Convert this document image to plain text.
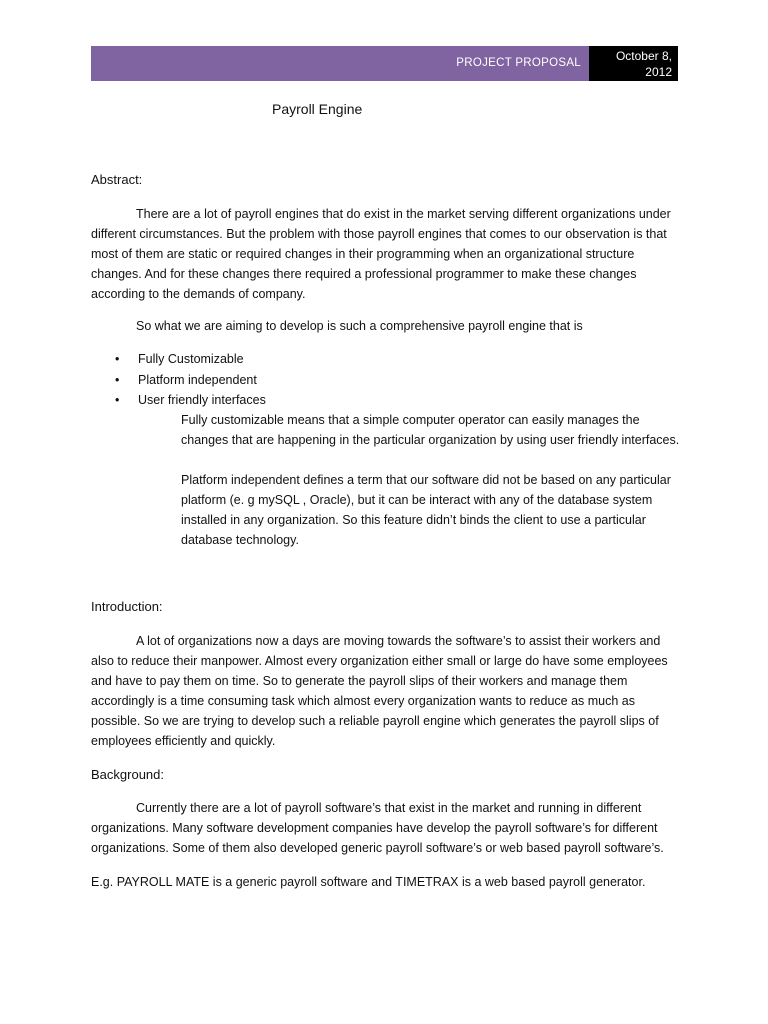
PROJECT PROPOSAL	October 8,
2012
Payroll Engine
Abstract:

There are a lot of payroll engines that do exist in the market serving different organizations under different circumstances. But the problem with those payroll engines that comes to our observation is that most of them are static or required changes in their programming when an organizational structure changes. And for these changes there required a professional programmer to make these changes according to the demands of company.

So what we are aiming to develop is such a comprehensive payroll engine that is

• Fully Customizable
• Platform independent
• User friendly interfaces

Fully customizable means that a simple computer operator can easily manages the changes that are happening in the particular organization by using user friendly interfaces.

Platform independent defines a term that our software did not be based on any particular platform (e. g mySQL , Oracle), but it can be interact with any of the database system installed in any organization. So this feature didn’t binds the client to use a particular database technology.

Introduction:

A lot of organizations now a days are moving towards the software’s to assist their workers and also to reduce their manpower. Almost every organization either small or large do have some employees and have to pay them on time. So to generate the payroll slips of their workers and manage them accordingly is a time consuming task which almost every organization wants to reduce as much as possible. So we are trying to develop such a reliable payroll engine which generates the payroll slips of employees efficiently and quickly.

Background:

Currently there are a lot of payroll software’s that exist in the market and running in different organizations. Many software development companies have develop the payroll software’s for different organizations. Some of them also developed generic payroll software’s or web based payroll software’s.

E.g. PAYROLL MATE is a generic payroll software and TIMETRAX is a web based payroll generator.
